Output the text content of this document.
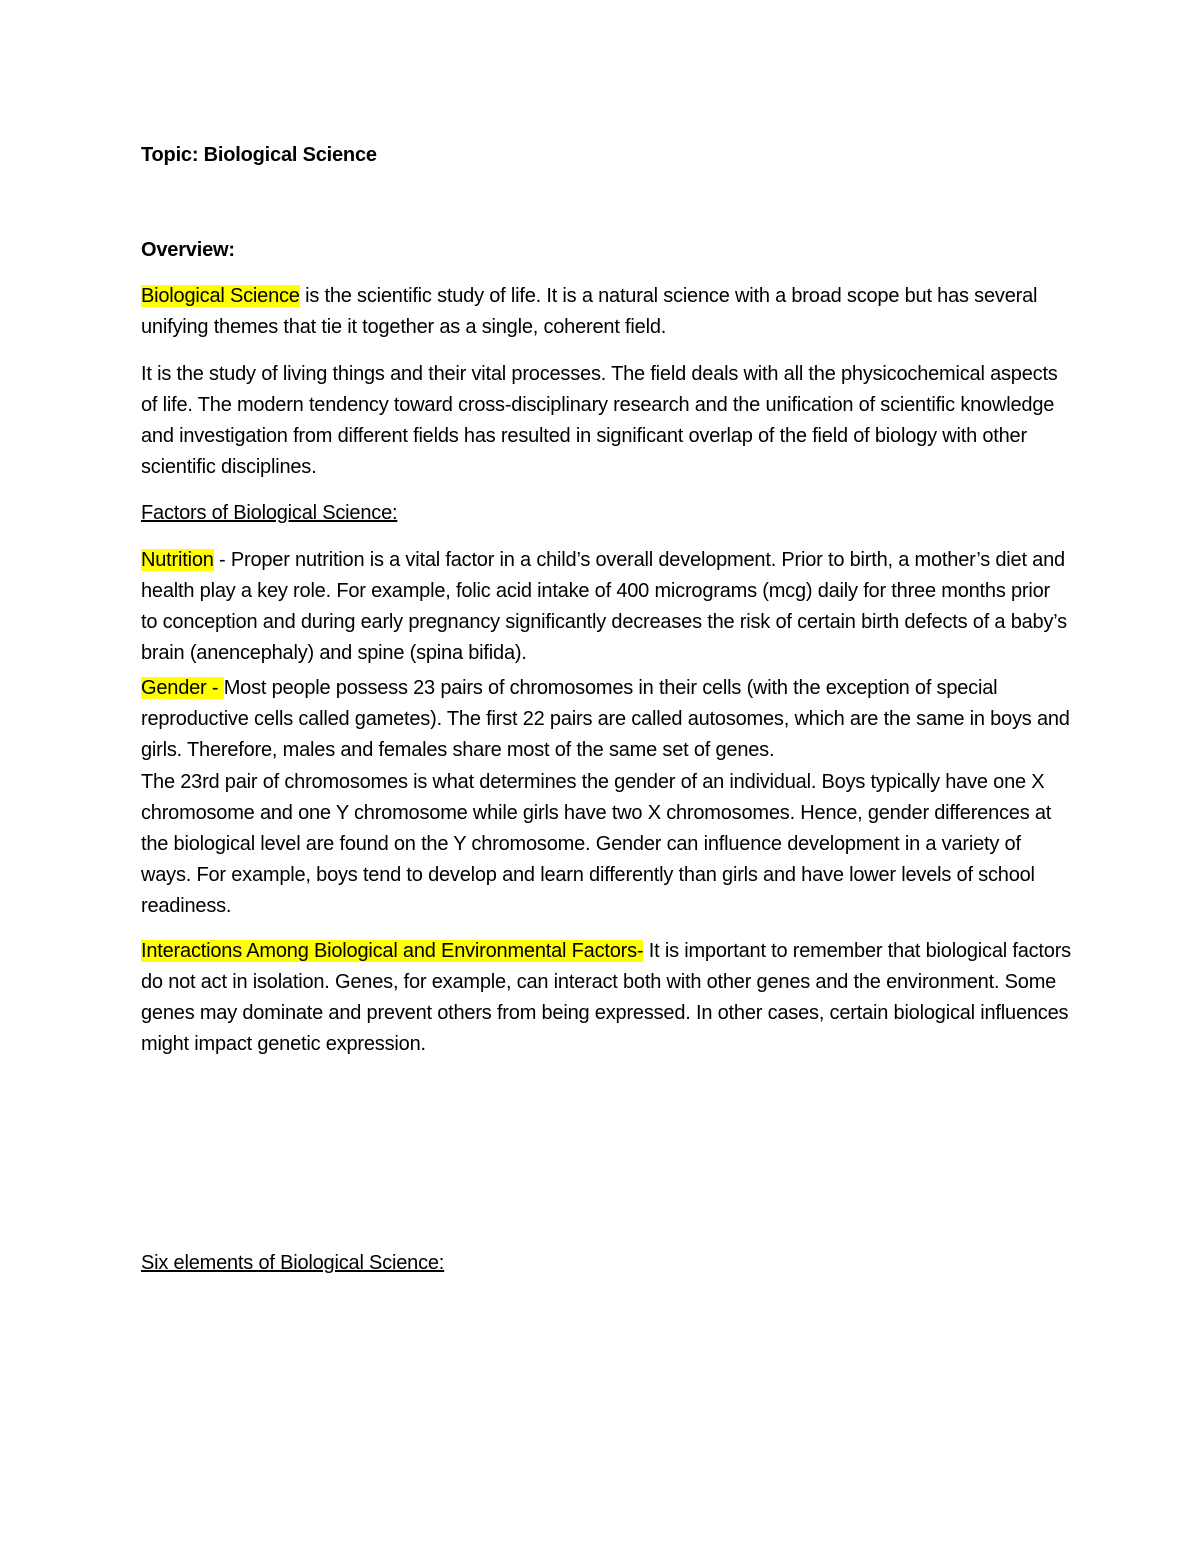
Topic: Biological Science

Overview:

Biological Science is the scientific study of life. It is a natural science with a broad scope but has several unifying themes that tie it together as a single, coherent field.

It is the study of living things and their vital processes. The field deals with all the physicochemical aspects of life. The modern tendency toward cross-disciplinary research and the unification of scientific knowledge and investigation from different fields has resulted in significant overlap of the field of biology with other scientific disciplines.

Factors of Biological Science:

Nutrition - Proper nutrition is a vital factor in a child’s overall development. Prior to birth, a mother’s diet and health play a key role. For example, folic acid intake of 400 micrograms (mcg) daily for three months prior to conception and during early pregnancy significantly decreases the risk of certain birth defects of a baby’s brain (anencephaly) and spine (spina bifida).

Gender - Most people possess 23 pairs of chromosomes in their cells (with the exception of special reproductive cells called gametes). The first 22 pairs are called autosomes, which are the same in boys and girls. Therefore, males and females share most of the same set of genes.

The 23rd pair of chromosomes is what determines the gender of an individual. Boys typically have one X chromosome and one Y chromosome while girls have two X chromosomes. Hence, gender differences at the biological level are found on the Y chromosome. Gender can influence development in a variety of ways. For example, boys tend to develop and learn differently than girls and have lower levels of school readiness.

Interactions Among Biological and Environmental Factors- It is important to remember that biological factors do not act in isolation. Genes, for example, can interact both with other genes and the environment. Some genes may dominate and prevent others from being expressed. In other cases, certain biological influences might impact genetic expression.

Six elements of Biological Science:
